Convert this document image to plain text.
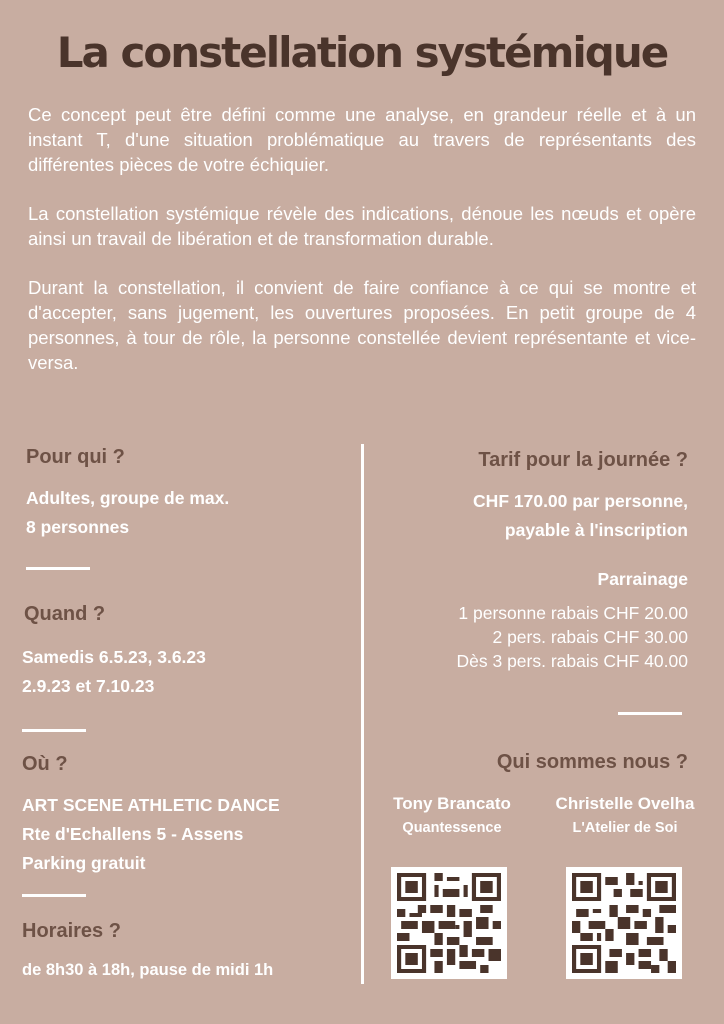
La constellation systémique

Ce concept peut être défini comme une analyse, en grandeur réelle et à un instant T, d'une situation problématique au travers de représentants des différentes pièces de votre échiquier.

La constellation systémique révèle des indications, dénoue les nœuds et opère ainsi un travail de libération et de transformation durable.

Durant la constellation, il convient de faire confiance à ce qui se montre et d'accepter, sans jugement, les ouvertures proposées. En petit groupe de 4 personnes, à tour de rôle, la personne constellée devient représentante et vice-versa.

Pour qui ?
Adultes, groupe de max.
8 personnes
Quand ?
Samedis 6.5.23, 3.6.23
2.9.23 et 7.10.23
Où ?
ART SCENE ATHLETIC DANCE
Rte d'Echallens 5 - Assens
Parking gratuit
Horaires ?
de 8h30 à 18h, pause de midi 1h
Tarif pour la journée ?
CHF 170.00 par personne,
payable à l'inscription
Parrainage
1 personne rabais CHF 20.00
2 pers. rabais CHF 30.00
Dès 3 pers. rabais CHF 40.00
Qui sommes nous ?
Tony Brancato
Quantessence
Christelle Ovelha
L'Atelier de Soi
